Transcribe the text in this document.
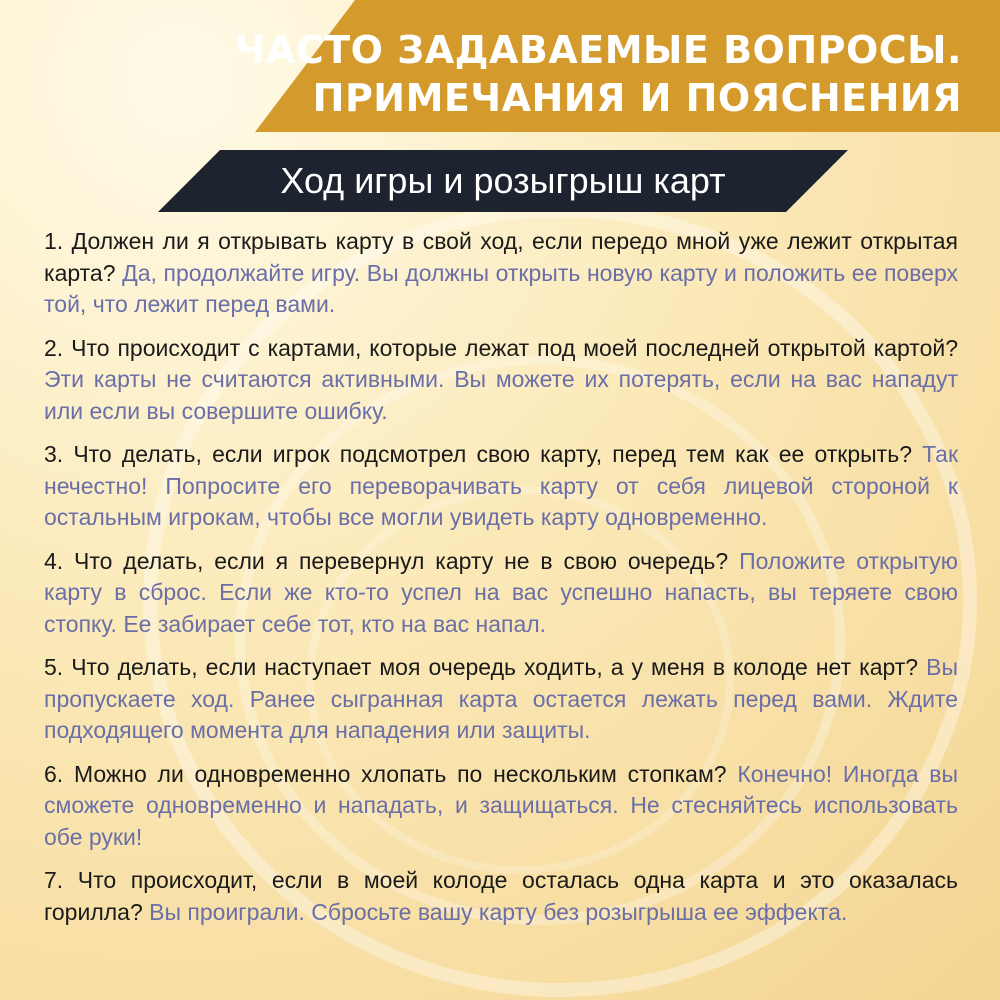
ЧАСТО ЗАДАВАЕМЫЕ ВОПРОСЫ.
ПРИМЕЧАНИЯ И ПОЯСНЕНИЯ
Ход игры и розыгрыш карт

1. Должен ли я открывать карту в свой ход, если передо мной уже лежит открытая карта? Да, продолжайте игру. Вы должны открыть новую карту и положить ее поверх той, что лежит перед вами.

2. Что происходит с картами, которые лежат под моей последней открытой картой? Эти карты не считаются активными. Вы можете их потерять, если на вас нападут или если вы совершите ошибку.

3. Что делать, если игрок подсмотрел свою карту, перед тем как ее открыть? Так нечестно! Попросите его переворачивать карту от себя лицевой стороной к остальным игрокам, чтобы все могли увидеть карту одновременно.

4. Что делать, если я перевернул карту не в свою очередь? Положите открытую карту в сброс. Если же кто-то успел на вас успешно напасть, вы теряете свою стопку. Ее забирает себе тот, кто на вас напал.

5. Что делать, если наступает моя очередь ходить, а у меня в колоде нет карт? Вы пропускаете ход. Ранее сыгранная карта остается лежать перед вами. Ждите подходящего момента для нападения или защиты.

6. Можно ли одновременно хлопать по нескольким стопкам? Конечно! Иногда вы сможете одновременно и нападать, и защищаться. Не стесняйтесь использовать обе руки!

7. Что происходит, если в моей колоде осталась одна карта и это оказалась горилла? Вы проиграли. Сбросьте вашу карту без розыгрыша ее эффекта.
